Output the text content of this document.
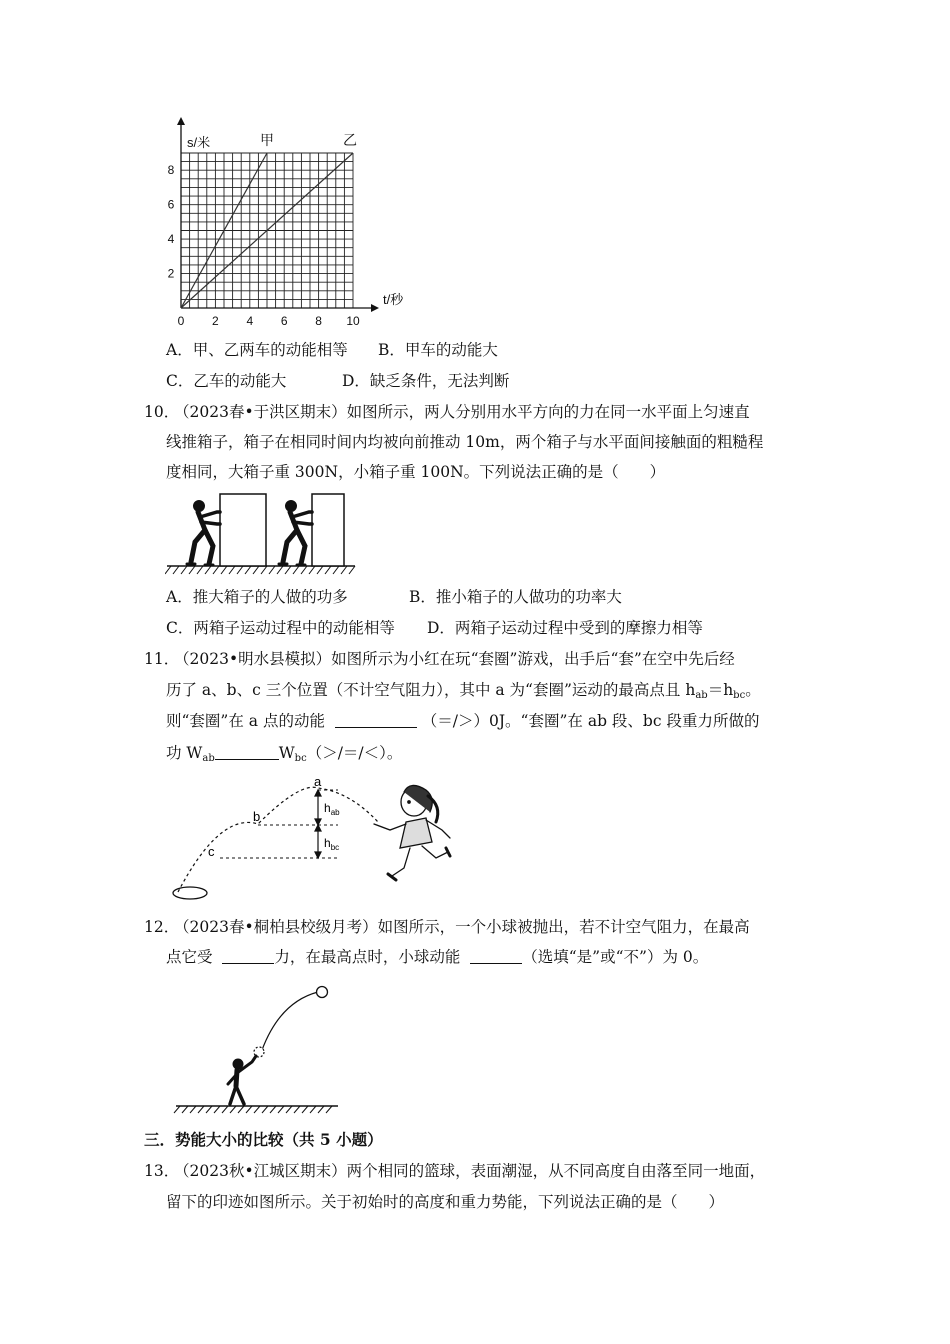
甲	乙
0 2 4 6 8 10
2
4
6
8
t/秒
s/米
A．甲、乙两车的动能相等 B．甲车的动能大
C．乙车的动能大	D．缺乏条件，无法判断
10．
（2023春•于洪区期末）如图所示，两人分别用水平方向的力在同一水平面上匀速直
线推箱子，箱子在相同时间内均被向前推动 10m，两个箱子与水平面间接触面的粗糙程
度相同，大箱子重 300N，小箱子重 100N。下列说法正确的是（　　）
A．推大箱子的人做的功多	B．推小箱子的人做功的功率大
C．两箱子运动过程中的动能相等 D．两箱子运动过程中受到的摩擦力相等
11．
（2023•明水县模拟）如图所示为小红在玩“套圈”游戏，出手后“套”在空中先后经
历了 a、b、c 三个位置（不计空气阻力），其中 a 为“套圈”运动的最高点且 $h_{ab}=h_{bc}$。
则“套圈”在 a 点的动能	（＝/＞）0J。“套圈”在 ab 段、bc 段重力所做的
功 $W_{ab}$	$W_{bc}(>/=/<)$。
a
b
c
$h_{ab}$
$h_{bc}$
12．
（2023春•桐柏县校级月考）如图所示，一个小球被抛出，若不计空气阻力，在最高
点它受	力，在最高点时，小球动能	（选填“是”或“不”）为 0。
三．势能大小的比较（共 5 小题）
13．
（2023秋•江城区期末）两个相同的篮球，表面潮湿，从不同高度自由落至同一地面，
留下的印迹如图所示。关于初始时的高度和重力势能，下列说法正确的是（　　）
